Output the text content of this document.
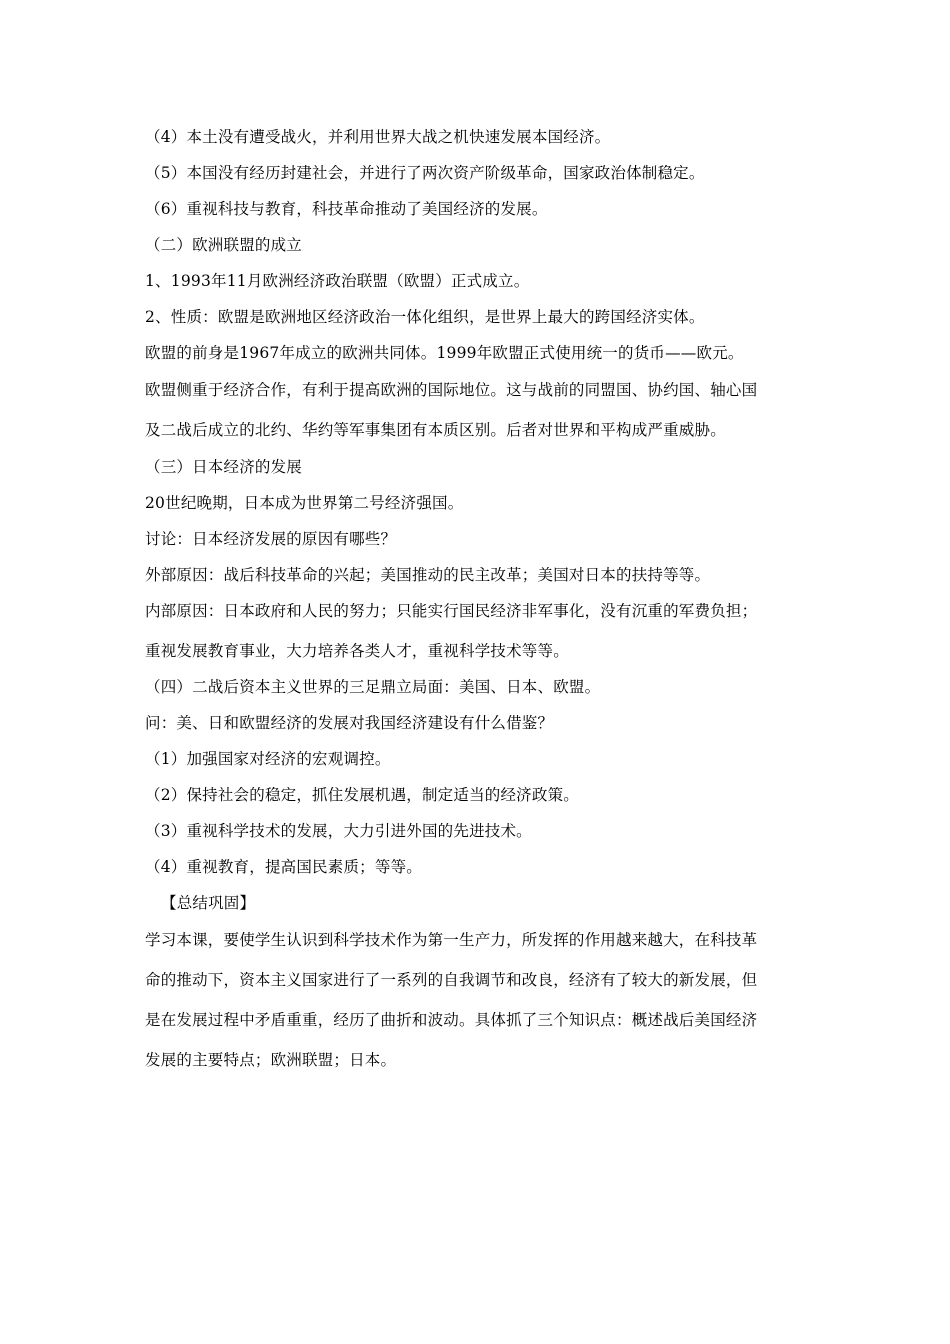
（4）本土没有遭受战火，并利用世界大战之机快速发展本国经济。
（5）本国没有经历封建社会，并进行了两次资产阶级革命，国家政治体制稳定。
（6）重视科技与教育，科技革命推动了美国经济的发展。
（二）欧洲联盟的成立
1、1993年11月欧洲经济政治联盟（欧盟）正式成立。
2、性质：欧盟是欧洲地区经济政治一体化组织，是世界上最大的跨国经济实体。
欧盟的前身是1967年成立的欧洲共同体。1999年欧盟正式使用统一的货币——欧元。
欧盟侧重于经济合作，有利于提高欧洲的国际地位。这与战前的同盟国、协约国、轴心国
及二战后成立的北约、华约等军事集团有本质区别。后者对世界和平构成严重威胁。
（三）日本经济的发展
20世纪晚期，日本成为世界第二号经济强国。
讨论：日本经济发展的原因有哪些？
外部原因：战后科技革命的兴起；美国推动的民主改革；美国对日本的扶持等等。
内部原因：日本政府和人民的努力；只能实行国民经济非军事化，没有沉重的军费负担；
重视发展教育事业，大力培养各类人才，重视科学技术等等。
（四）二战后资本主义世界的三足鼎立局面：美国、日本、欧盟。
问：美、日和欧盟经济的发展对我国经济建设有什么借鉴？
（1）加强国家对经济的宏观调控。
（2）保持社会的稳定，抓住发展机遇，制定适当的经济政策。
（3）重视科学技术的发展，大力引进外国的先进技术。
（4）重视教育，提高国民素质；等等。
【总结巩固】
学习本课，要使学生认识到科学技术作为第一生产力，所发挥的作用越来越大，在科技革
命的推动下，资本主义国家进行了一系列的自我调节和改良，经济有了较大的新发展，但
是在发展过程中矛盾重重，经历了曲折和波动。具体抓了三个知识点：概述战后美国经济
发展的主要特点；欧洲联盟；日本。
